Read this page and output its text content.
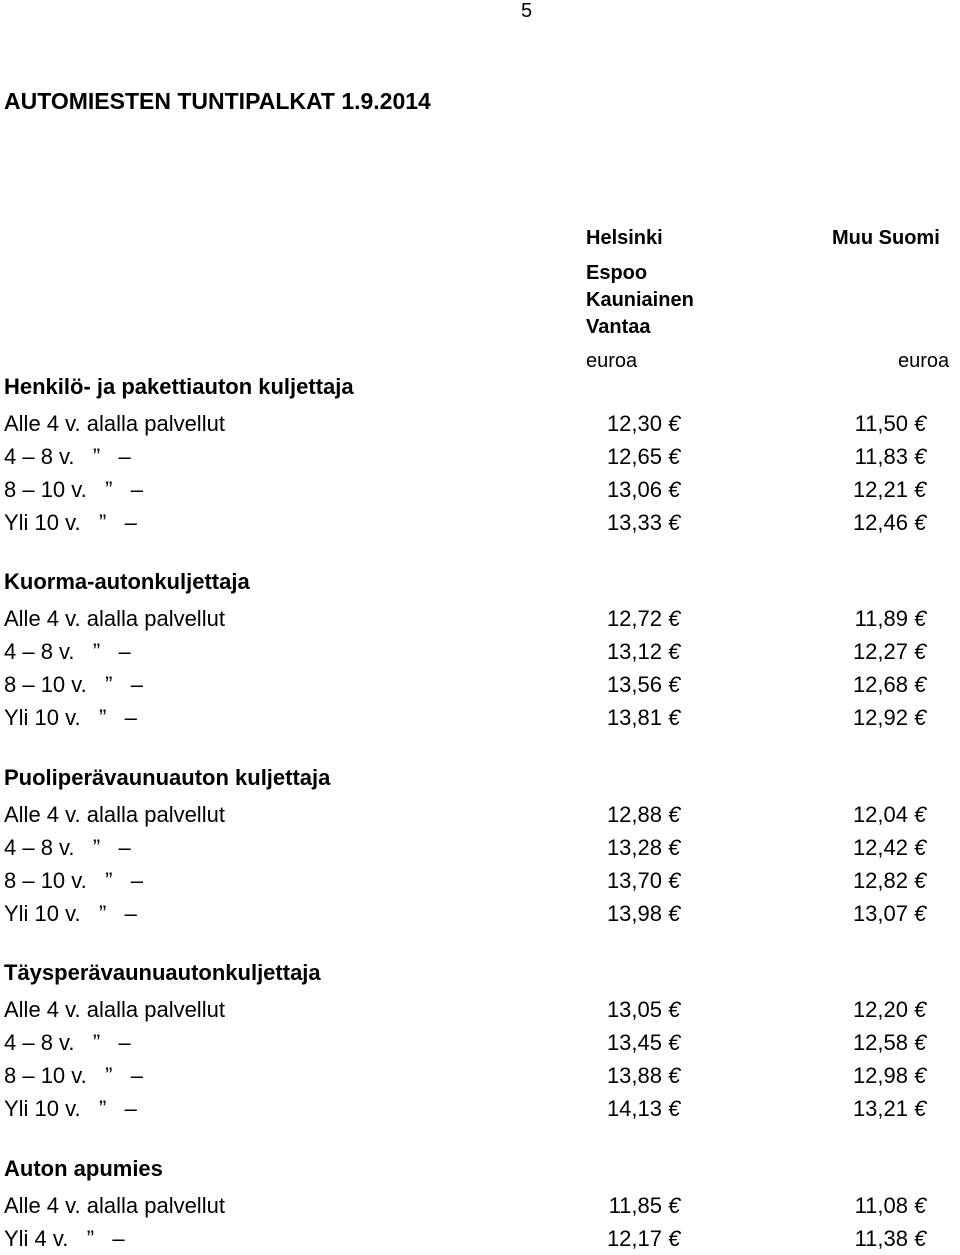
5
AUTOMIESTEN TUNTIPALKAT 1.9.2014
Helsinki	Muu Suomi
Espoo
Kauniainen
Vantaa
euroa	euroa
Henkilö- ja pakettiauton kuljettaja
Alle 4 v. alalla palvellut	12,30 €	11,50 €
4 – 8 v.   ”   –	12,65 €	11,83 €
8 – 10 v.   ”   –	13,06 €	12,21 €
Yli 10 v.   ”   –	13,33 €	12,46 €
Kuorma-autonkuljettaja
Alle 4 v. alalla palvellut	12,72 €	11,89 €
4 – 8 v.   ”   –	13,12 €	12,27 €
8 – 10 v.   ”   –	13,56 €	12,68 €
Yli 10 v.   ”   –	13,81 €	12,92 €
Puoliperävaunuauton kuljettaja
Alle 4 v. alalla palvellut	12,88 €	12,04 €
4 – 8 v.   ”   –	13,28 €	12,42 €
8 – 10 v.   ”   –	13,70 €	12,82 €
Yli 10 v.   ”   –	13,98 €	13,07 €
Täysperävaunuautonkuljettaja
Alle 4 v. alalla palvellut	13,05 €	12,20 €
4 – 8 v.   ”   –	13,45 €	12,58 €
8 – 10 v.   ”   –	13,88 €	12,98 €
Yli 10 v.   ”   –	14,13 €	13,21 €
Auton apumies
Alle 4 v. alalla palvellut	11,85 €	11,08 €
Yli 4 v.   ”   –	12,17 €	11,38 €
